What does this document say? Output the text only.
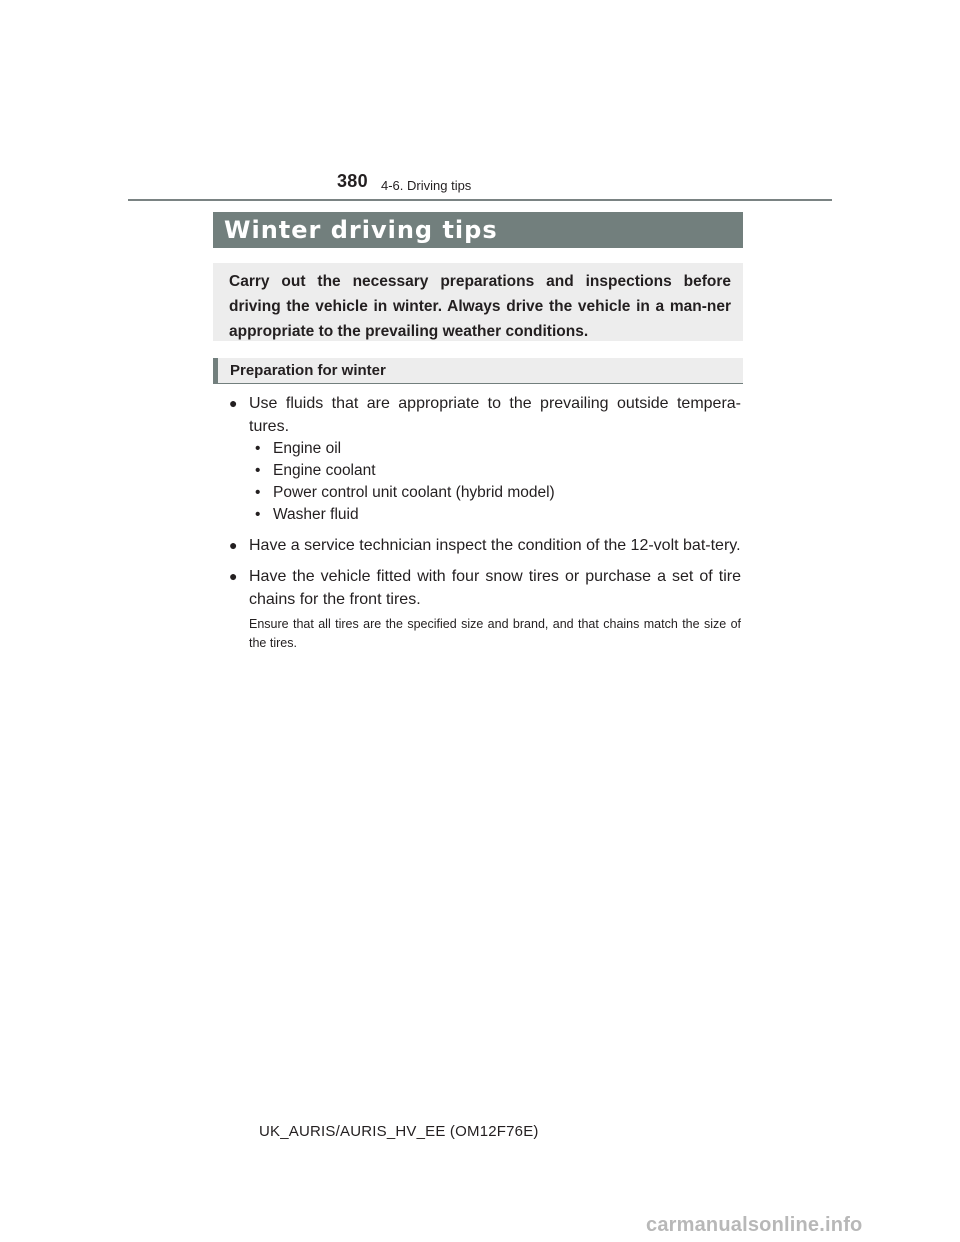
380 4-6. Driving tips
Winter driving tips
Carry out the necessary preparations and inspections before driving the vehicle in winter. Always drive the vehicle in a man-ner appropriate to the prevailing weather conditions.
Preparation for winter
● Use fluids that are appropriate to the prevailing outside tempera-tures.
• Engine oil
• Engine coolant
• Power control unit coolant (hybrid model)
• Washer fluid
● Have a service technician inspect the condition of the 12-volt bat-tery.
● Have the vehicle fitted with four snow tires or purchase a set of tire chains for the front tires.
Ensure that all tires are the specified size and brand, and that chains match the size of the tires.
UK_AURIS/AURIS_HV_EE (OM12F76E)
carmanualsonline.info
